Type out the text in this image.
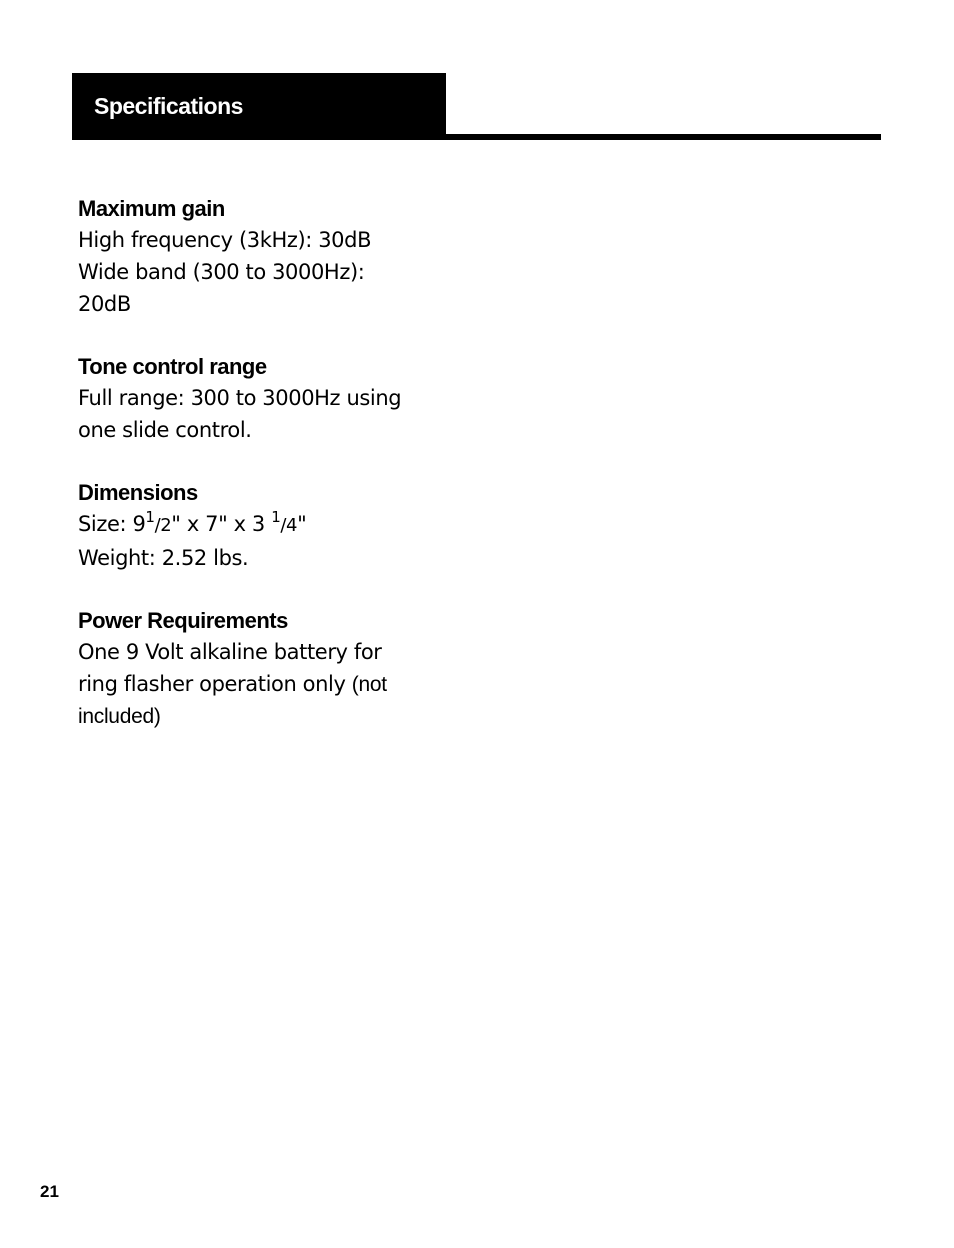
Specifications
Maximum gain
High frequency (3kHz): 30dB
Wide band (300 to 3000Hz):
20dB
Tone control range
Full range: 300 to 3000Hz using
one slide control.
Dimensions
Size: $9^1/2$" x 7" x 3 $^1$/4"
Weight: 2.52 lbs.
Power Requirements
One 9 Volt alkaline battery for
ring flasher operation only (not
included)
21
